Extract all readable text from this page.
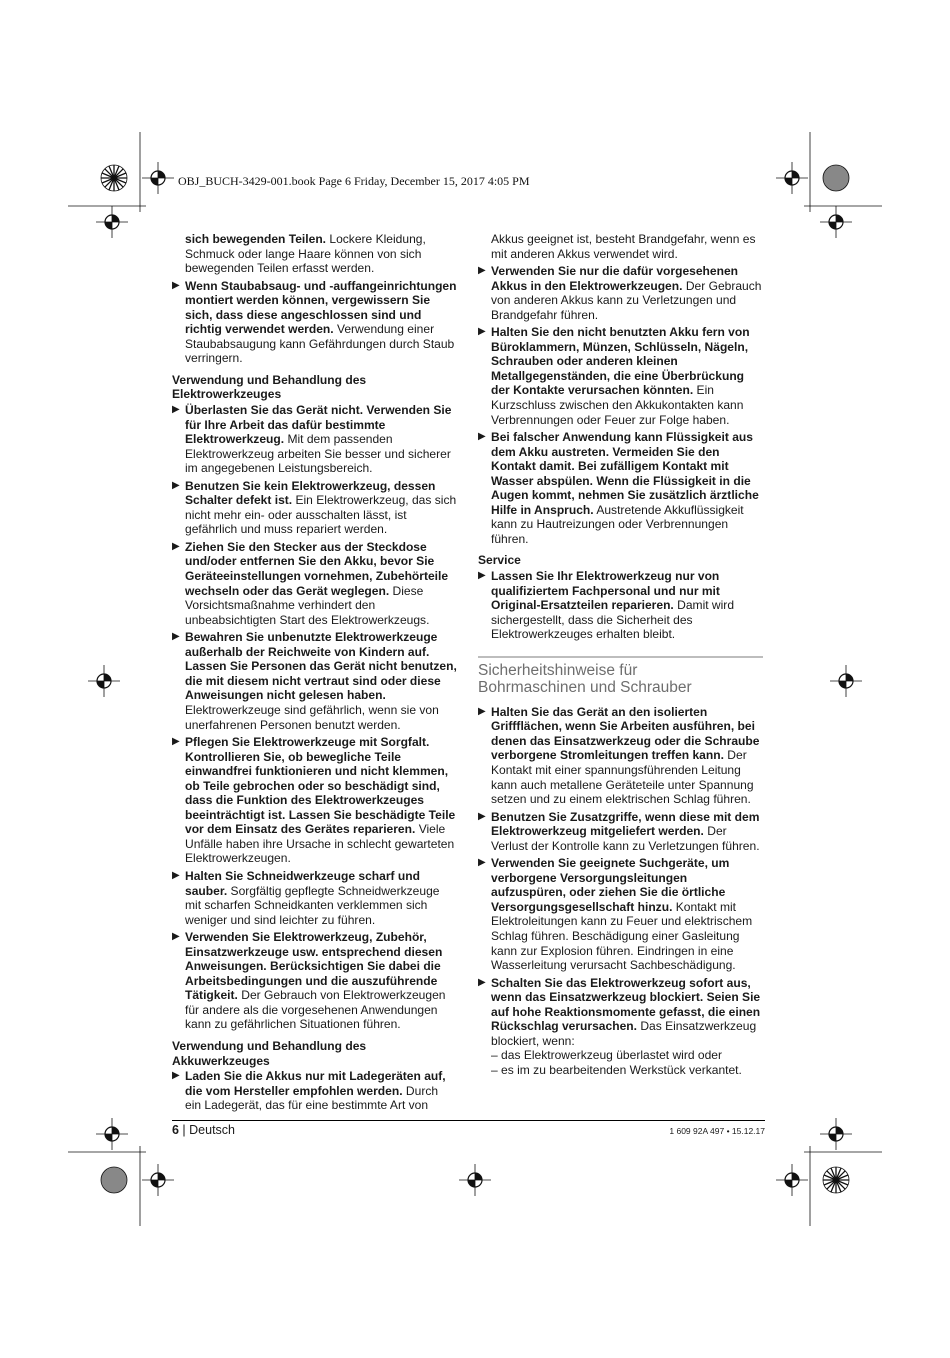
OBJ_BUCH-3429-001.book Page 6 Friday, December 15, 2017 4:05 PM

sich bewegenden Teilen. Lockere Kleidung, Schmuck oder lange Haare können von sich bewegenden Teilen erfasst werden.

▶ Wenn Staubabsaug- und -auffangeinrichtungen montiert werden können, vergewissern Sie sich, dass diese angeschlossen sind und richtig verwendet werden. Verwendung einer Staubabsaugung kann Gefährdungen durch Staub verringern.
Verwendung und Behandlung des Elektrowerkzeuges
▶ Überlasten Sie das Gerät nicht. Verwenden Sie für Ihre Arbeit das dafür bestimmte Elektrowerkzeug. Mit dem passenden Elektrowerkzeug arbeiten Sie besser und sicherer im angegebenen Leistungsbereich.
▶ Benutzen Sie kein Elektrowerkzeug, dessen Schalter defekt ist. Ein Elektrowerkzeug, das sich nicht mehr ein- oder ausschalten lässt, ist gefährlich und muss repariert werden.
▶ Ziehen Sie den Stecker aus der Steckdose und/oder entfernen Sie den Akku, bevor Sie Geräteeinstellungen vornehmen, Zubehörteile wechseln oder das Gerät weglegen. Diese Vorsichtsmaßnahme verhindert den unbeabsichtigten Start des Elektrowerkzeugs.
▶ Bewahren Sie unbenutzte Elektrowerkzeuge außerhalb der Reichweite von Kindern auf. Lassen Sie Personen das Gerät nicht benutzen, die mit diesem nicht vertraut sind oder diese Anweisungen nicht gelesen haben. Elektrowerkzeuge sind gefährlich, wenn sie von unerfahrenen Personen benutzt werden.
▶ Pflegen Sie Elektrowerkzeuge mit Sorgfalt. Kontrollieren Sie, ob bewegliche Teile einwandfrei funktionieren und nicht klemmen, ob Teile gebrochen oder so beschädigt sind, dass die Funktion des Elektrowerkzeuges beeinträchtigt ist. Lassen Sie beschädigte Teile vor dem Einsatz des Gerätes reparieren. Viele Unfälle haben ihre Ursache in schlecht gewarteten Elektrowerkzeugen.
▶ Halten Sie Schneidwerkzeuge scharf und sauber. Sorgfältig gepflegte Schneidwerkzeuge mit scharfen Schneidkanten verklemmen sich weniger und sind leichter zu führen.
▶ Verwenden Sie Elektrowerkzeug, Zubehör, Einsatzwerkzeuge usw. entsprechend diesen Anweisungen. Berücksichtigen Sie dabei die Arbeitsbedingungen und die auszuführende Tätigkeit. Der Gebrauch von Elektrowerkzeugen für andere als die vorgesehenen Anwendungen kann zu gefährlichen Situationen führen.
Verwendung und Behandlung des Akkuwerkzeuges
▶ Laden Sie die Akkus nur mit Ladegeräten auf, die vom Hersteller empfohlen werden. Durch ein Ladegerät, das für eine bestimmte Art von

Akkus geeignet ist, besteht Brandgefahr, wenn es mit anderen Akkus verwendet wird.

▶ Verwenden Sie nur die dafür vorgesehenen Akkus in den Elektrowerkzeugen. Der Gebrauch von anderen Akkus kann zu Verletzungen und Brandgefahr führen.
▶ Halten Sie den nicht benutzten Akku fern von Büroklammern, Münzen, Schlüsseln, Nägeln, Schrauben oder anderen kleinen Metallgegenständen, die eine Überbrückung der Kontakte verursachen könnten. Ein Kurzschluss zwischen den Akkukontakten kann Verbrennungen oder Feuer zur Folge haben.
▶ Bei falscher Anwendung kann Flüssigkeit aus dem Akku austreten. Vermeiden Sie den Kontakt damit. Bei zufälligem Kontakt mit Wasser abspülen. Wenn die Flüssigkeit in die Augen kommt, nehmen Sie zusätzlich ärztliche Hilfe in Anspruch. Austretende Akkuflüssigkeit kann zu Hautreizungen oder Verbrennungen führen.
Service
▶ Lassen Sie Ihr Elektrowerkzeug nur von qualifiziertem Fachpersonal und nur mit Original-Ersatzteilen reparieren. Damit wird sichergestellt, dass die Sicherheit des Elektrowerkzeuges erhalten bleibt.
Sicherheitshinweise für
Bohrmaschinen und Schrauber
▶ Halten Sie das Gerät an den isolierten Griffflächen, wenn Sie Arbeiten ausführen, bei denen das Einsatzwerkzeug oder die Schraube verborgene Stromleitungen treffen kann. Der Kontakt mit einer spannungsführenden Leitung kann auch metallene Geräteteile unter Spannung setzen und zu einem elektrischen Schlag führen.
▶ Benutzen Sie Zusatzgriffe, wenn diese mit dem Elektrowerkzeug mitgeliefert werden. Der Verlust der Kontrolle kann zu Verletzungen führen.
▶ Verwenden Sie geeignete Suchgeräte, um verborgene Versorgungsleitungen aufzuspüren, oder ziehen Sie die örtliche Versorgungsgesellschaft hinzu. Kontakt mit Elektroleitungen kann zu Feuer und elektrischem Schlag führen. Beschädigung einer Gasleitung kann zur Explosion führen. Eindringen in eine Wasserleitung verursacht Sachbeschädigung.
▶ Schalten Sie das Elektrowerkzeug sofort aus, wenn das Einsatzwerkzeug blockiert. Seien Sie auf hohe Reaktionsmomente gefasst, die einen Rückschlag verursachen. Das Einsatzwerkzeug blockiert, wenn:

– das Elektrowerkzeug überlastet wird oder

– es im zu bearbeitenden Werkstück verkantet.

6 | Deutsch	1 609 92A 497 • 15.12.17
